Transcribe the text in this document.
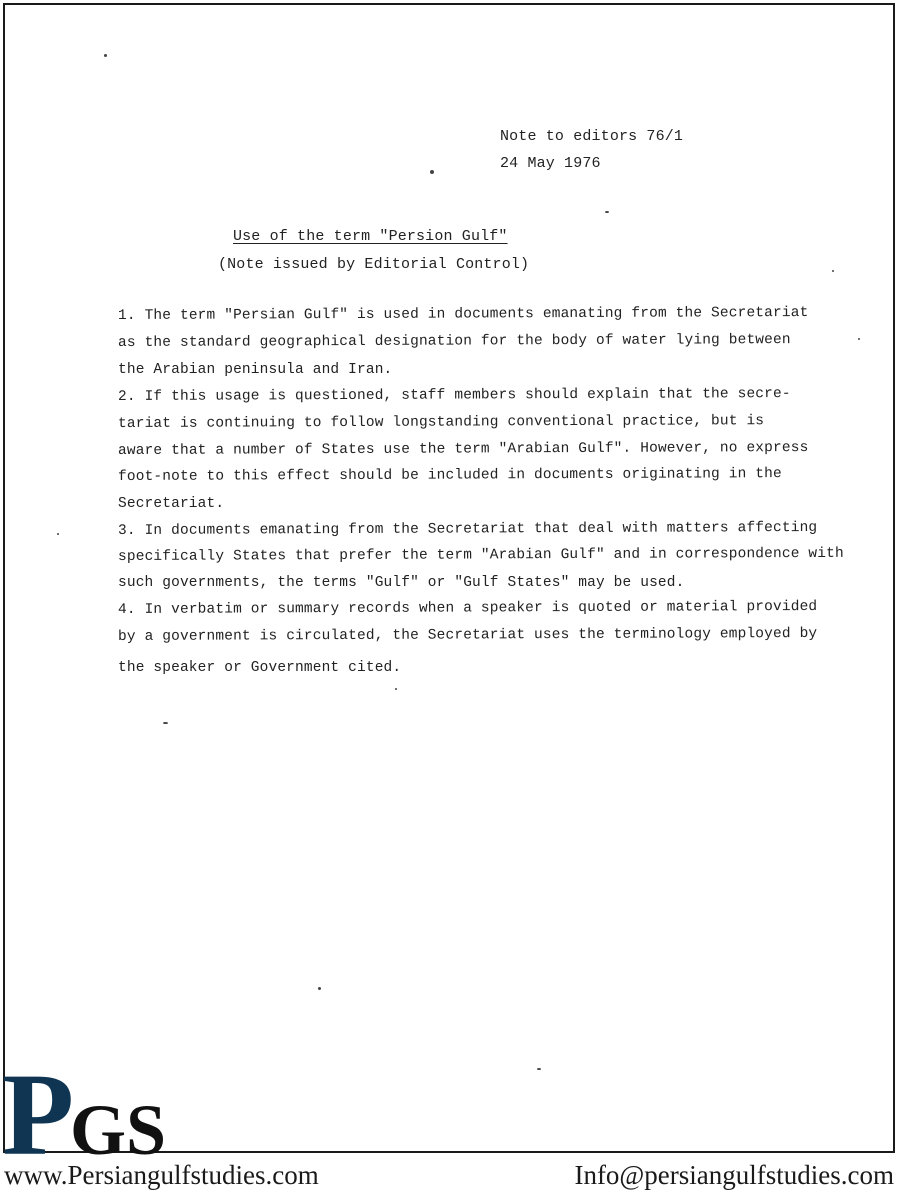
Note to editors 76/1
24 May 1976
Use of the term "Persion Gulf"
(Note issued by Editorial Control)
1. The term "Persian Gulf" is used in documents emanating from the Secretariat
as the standard geographical designation for the body of water lying between
the Arabian peninsula and Iran.
2. If this usage is questioned, staff members should explain that the secre-
tariat is continuing to follow longstanding conventional practice, but is
aware that a number of States use the term "Arabian Gulf". However, no express
foot-note to this effect should be included in documents originating in the
Secretariat.
3. In documents emanating from the Secretariat that deal with matters affecting
specifically States that prefer the term "Arabian Gulf" and in correspondence with
such governments, the terms "Gulf" or "Gulf States" may be used.
4. In verbatim or summary records when a speaker is quoted or material provided
by a government is circulated, the Secretariat uses the terminology employed by
the speaker or Government cited.
P
GS
www.Persiangulfstudies.com	Info@persiangulfstudies.com
